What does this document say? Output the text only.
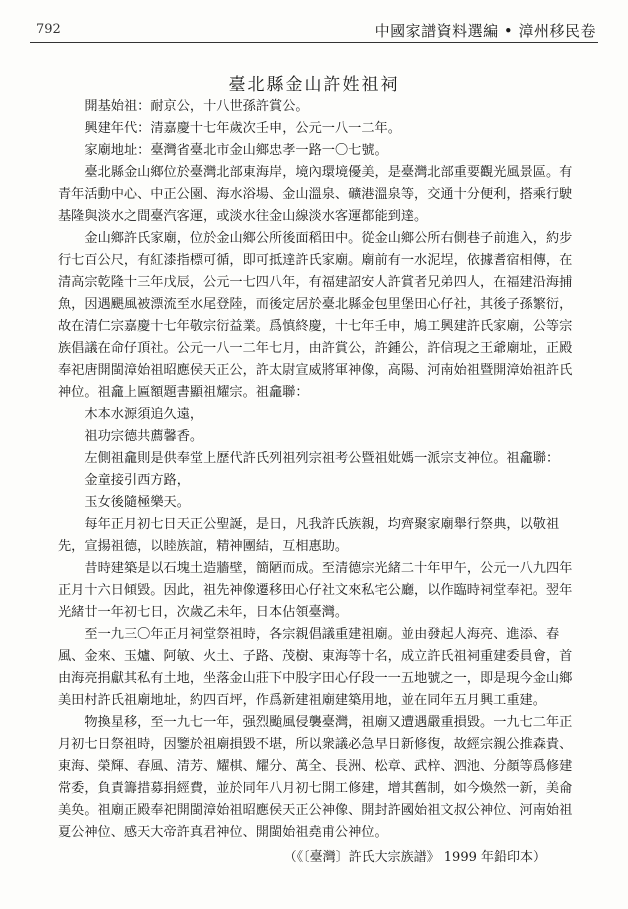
792	中國家譜資料選編 • 漳州移民卷
臺北縣金山許姓祖祠

開基始祖：耐京公，十八世孫許賞公。

興建年代：清嘉慶十七年歲次壬申，公元一八一二年。

家廟地址：臺灣省臺北市金山鄉忠孝一路一〇七號。

臺北縣金山鄉位於臺灣北部東海岸，境內環境優美，是臺灣北部重要觀光風景區。有青年活動中心、中正公園、海水浴場、金山溫泉、礦港溫泉等，交通十分便利，搭乘行駛基隆與淡水之間臺汽客運，或淡水往金山線淡水客運都能到達。

金山鄉許氏家廟，位於金山鄉公所後面稻田中。從金山鄉公所右側巷子前進入，約步行七百公尺，有紅漆指標可循，即可抵達許氏家廟。廟前有一水泥埕，依據耆宿相傳，在清高宗乾隆十三年戊辰，公元一七四八年，有福建詔安人許賞者兄弟四人，在福建沿海捕魚，因遇颶風被漂流至水尾登陸，而後定居於臺北縣金包里堡田心仔社，其後子孫繁衍，故在清仁宗嘉慶十七年敬宗衍益業。爲慎終慶，十七年壬申，鳩工興建許氏家廟，公等宗族倡議在命仔頂社。公元一八一二年七月，由許賞公，許鍾公，許信現之王爺廟址，正殿奉祀唐開閩漳始祖昭應侯天正公，許太尉宣威將軍神像，高陽、河南始祖暨開漳始祖許氏神位。祖龕上匾額題書顯祖耀宗。祖龕聯：

木本水源須追久遠，

祖功宗德共薦馨香。

左側祖龕則是供奉堂上歷代許氏列祖列宗祖考公暨祖妣媽一派宗支神位。祖龕聯：

金童接引西方路，

玉女後隨極樂天。

每年正月初七日天正公聖誕，是日，凡我許氏族親，均齊聚家廟舉行祭典，以敬祖先，宣揚祖德，以睦族誼，精神團結，互相惠助。

昔時建築是以石塊土造牆壁，簡陋而成。至清德宗光緒二十年甲午，公元一八九四年正月十六日傾毀。因此，祖先神像遷移田心仔社文來私宅公廳，以作臨時祠堂奉祀。翌年光緒廿一年初七日，次歲乙未年，日本佔領臺灣。

至一九三〇年正月祠堂祭祖時，各宗親倡議重建祖廟。並由發起人海亮、進添、春風、金來、玉爐、阿敏、火土、子路、茂樹、東海等十名，成立許氏祖祠重建委員會，首由海亮捐獻其私有土地，坐落金山莊下中股字田心仔段一一五地號之一，即是現今金山鄉美田村許氏祖廟地址，約四百坪，作爲新建祖廟建築用地，並在同年五月興工重建。

物換星移，至一九七一年，强烈颱風侵襲臺灣，祖廟又遭遇嚴重損毀。一九七二年正月初七日祭祖時，因鑒於祖廟損毀不堪，所以衆議必急早日新修復，故經宗親公推森貴、東海、榮輝、春風、清芳、耀棋、耀分、萬全、長洲、松章、武梓、泗池、分顏等爲修建常委，負責籌措募捐經費，並於同年八月初七開工修建，增其舊制，如今煥然一新，美侖美奂。祖廟正殿奉祀開閩漳始祖昭應侯天正公神像、開封許國始祖文叔公神位、河南始祖夏公神位、感天大帝許真君神位、開閩始祖堯甫公神位。

（《〔臺灣〕許氏大宗族譜》 1999 年鉛印本）
